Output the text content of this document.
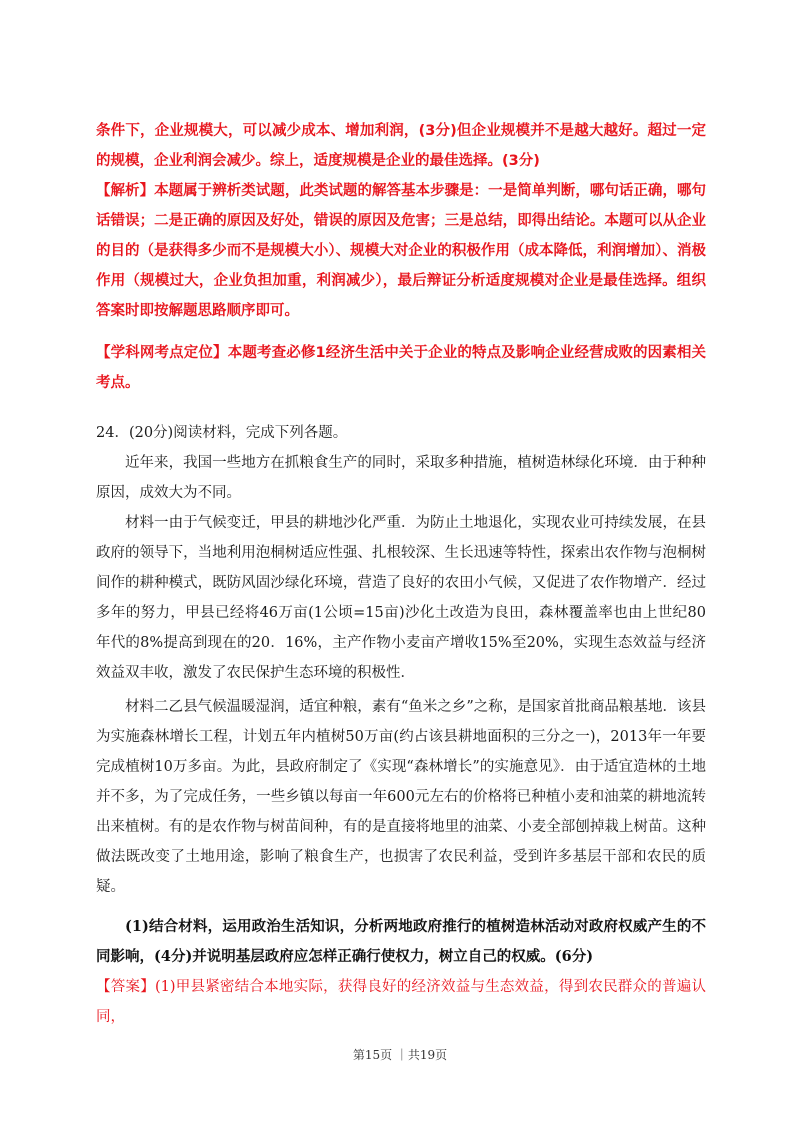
条件下，企业规模大，可以减少成本、增加利润，(3分)但企业规模并不是越大越好。超过一定的规模，企业利润会减少。综上，适度规模是企业的最佳选择。(3分)

【解析】本题属于辨析类试题，此类试题的解答基本步骤是：一是简单判断，哪句话正确，哪句话错误；二是正确的原因及好处，错误的原因及危害；三是总结，即得出结论。本题可以从企业的目的（是获得多少而不是规模大小）、规模大对企业的积极作用（成本降低，利润增加）、消极作用（规模过大，企业负担加重，利润减少），最后辩证分析适度规模对企业是最佳选择。组织答案时即按解题思路顺序即可。

【学科网考点定位】本题考查必修1经济生活中关于企业的特点及影响企业经营成败的因素相关考点。

24．(20分)阅读材料，完成下列各题。

近年来，我国一些地方在抓粮食生产的同时，采取多种措施，植树造林绿化环境．由于种种原因，成效大为不同。

材料一由于气候变迁，甲县的耕地沙化严重．为防止土地退化，实现农业可持续发展，在县政府的领导下，当地利用泡桐树适应性强、扎根较深、生长迅速等特性，探索出农作物与泡桐树间作的耕种模式，既防风固沙绿化环境，营造了良好的农田小气候，又促进了农作物增产．经过多年的努力，甲县已经将46万亩(1公顷=15亩)沙化土改造为良田，森林覆盖率也由上世纪80年代的8%提高到现在的20．16%，主产作物小麦亩产增收15%至20%，实现生态效益与经济效益双丰收，激发了农民保护生态环境的积极性．

材料二乙县气候温暖湿润，适宜种粮，素有“鱼米之乡”之称，是国家首批商品粮基地．该县为实施森林增长工程，计划五年内植树50万亩(约占该县耕地面积的三分之一)，2013年一年要完成植树10万多亩。为此，县政府制定了《实现“森林增长”的实施意见》．由于适宜造林的土地并不多，为了完成任务，一些乡镇以每亩一年600元左右的价格将已种植小麦和油菜的耕地流转出来植树。有的是农作物与树苗间种，有的是直接将地里的油菜、小麦全部刨掉栽上树苗。这种做法既改变了土地用途，影响了粮食生产，也损害了农民利益，受到许多基层干部和农民的质疑。

(1)结合材料，运用政治生活知识，分析两地政府推行的植树造林活动对政府权威产生的不同影响，(4分)并说明基层政府应怎样正确行使权力，树立自己的权威。(6分)

【答案】(1)甲县紧密结合本地实际，获得良好的经济效益与生态效益，得到农民群众的普遍认同，

第15页 ｜共19页
